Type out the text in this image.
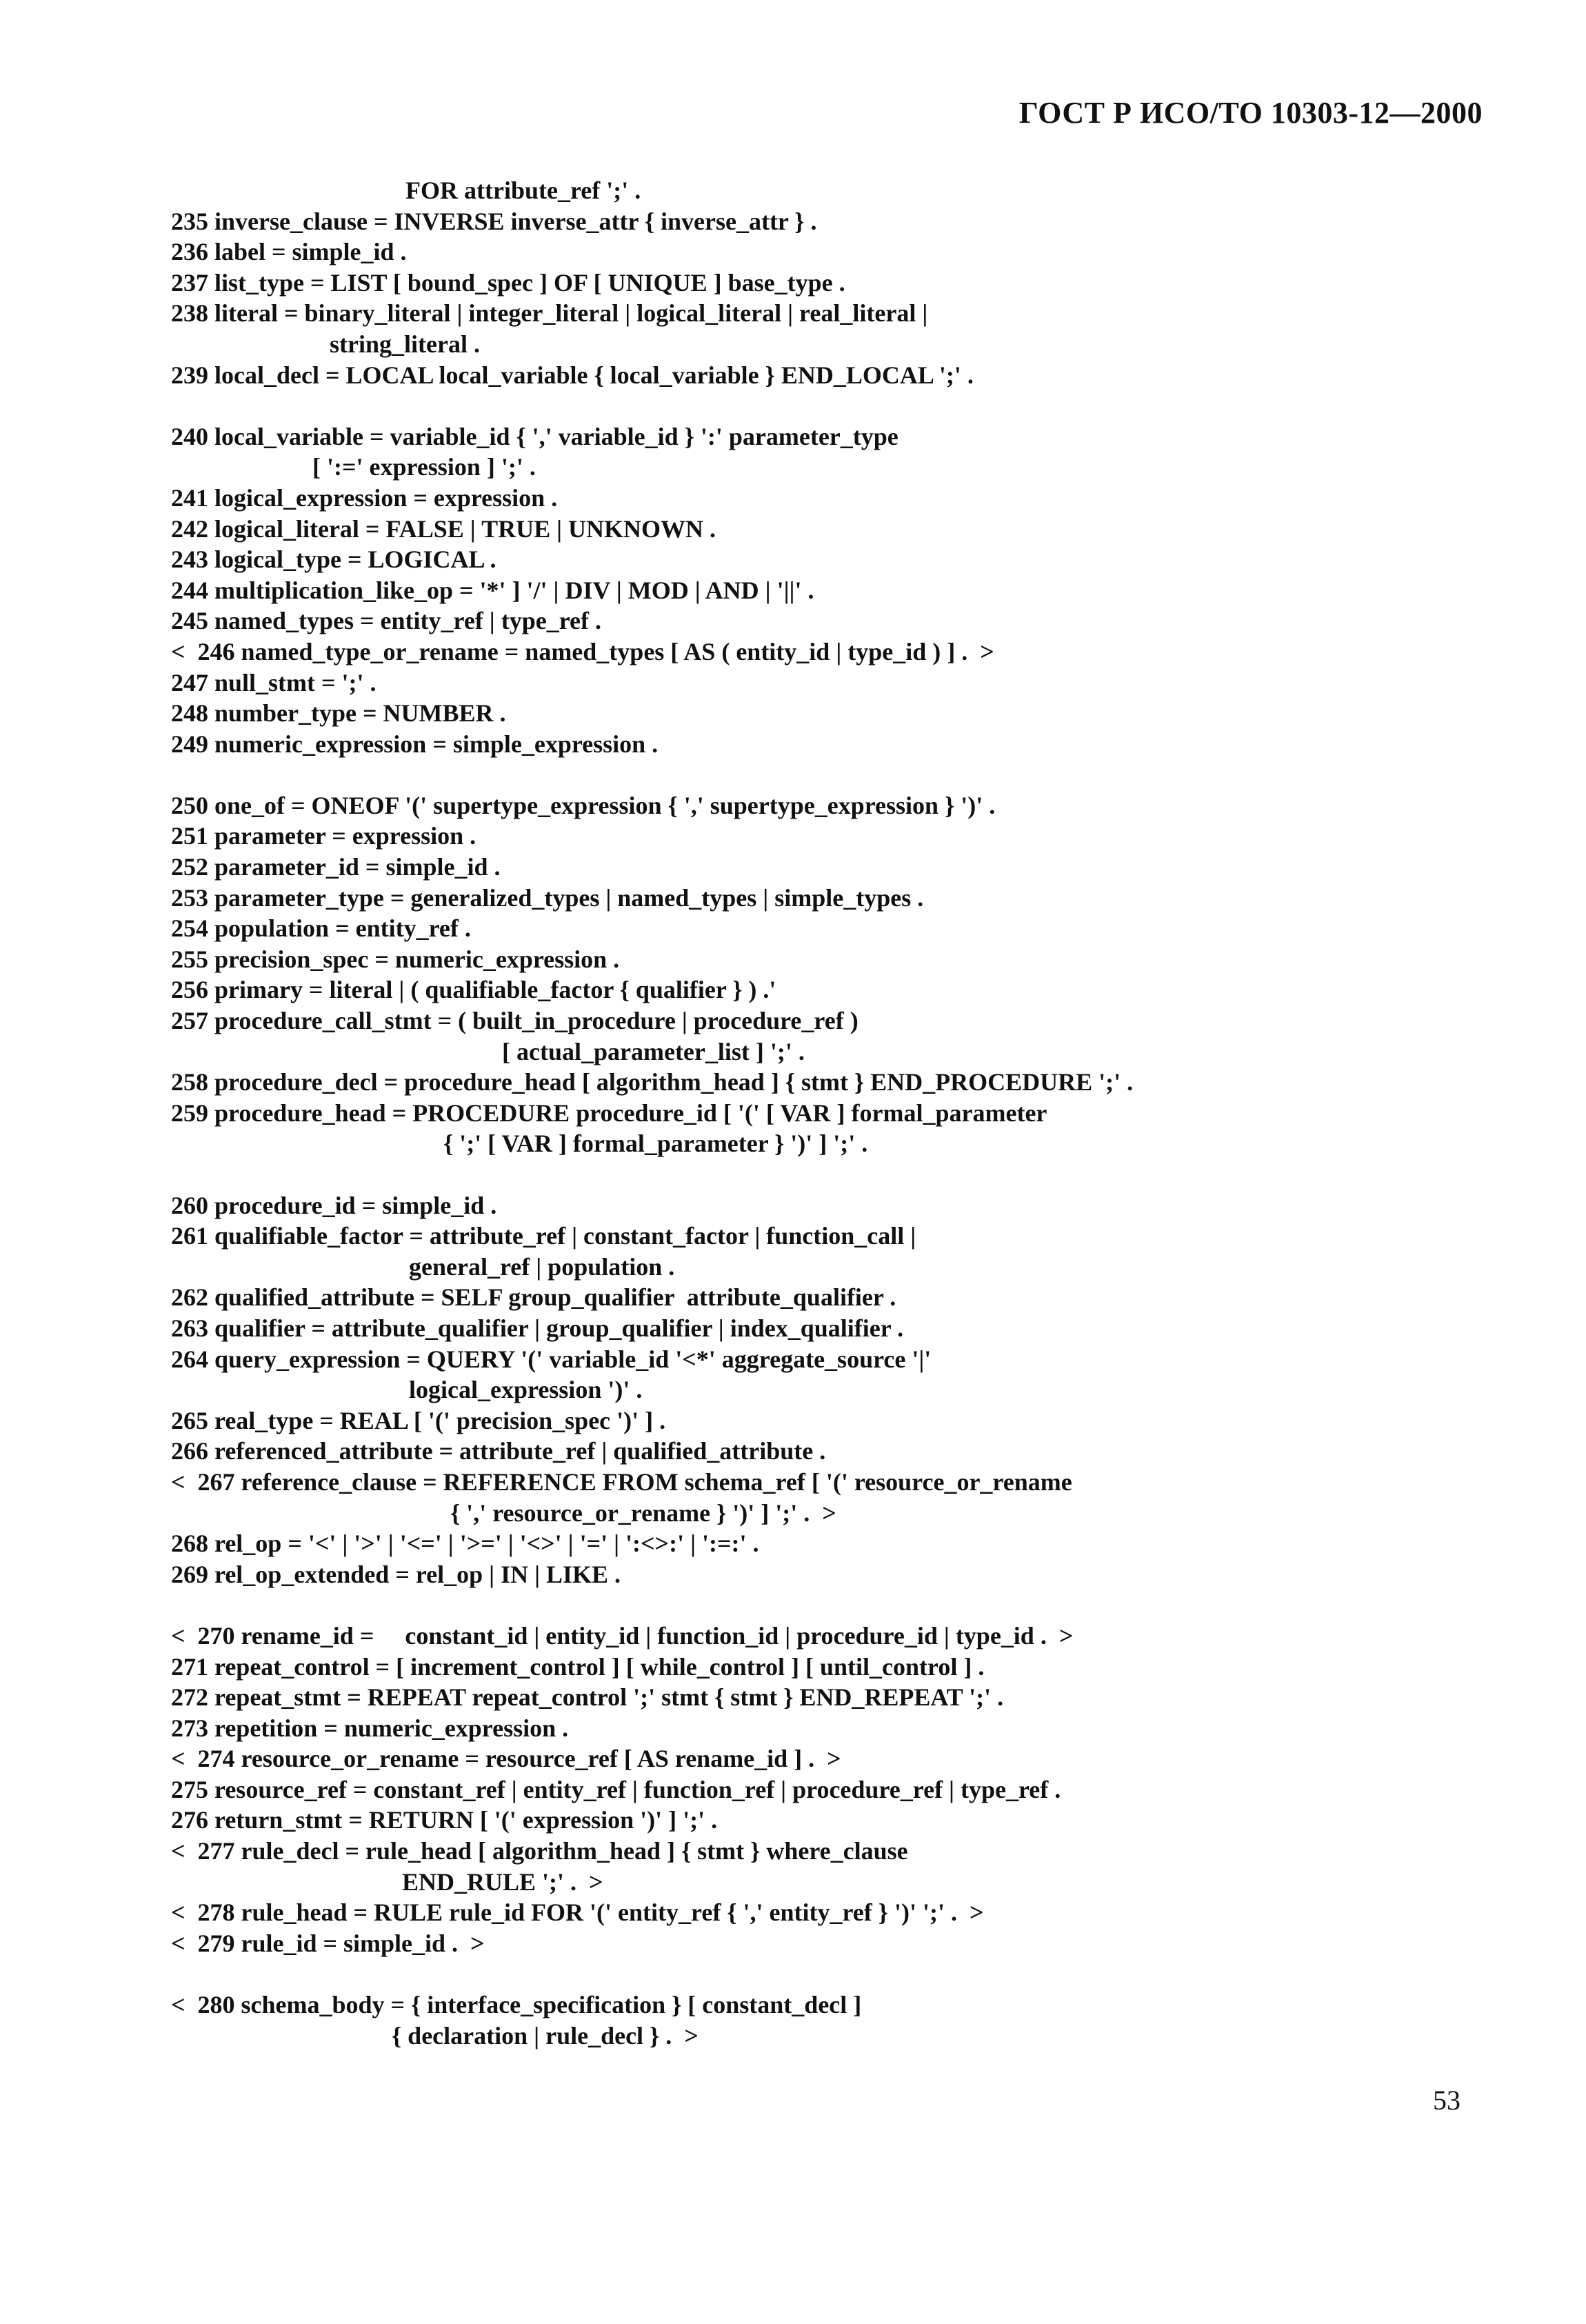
ГОСТ Р ИСО/ТО 10303-12—2000
FOR attribute_ref ';' .
235 inverse_clause = INVERSE inverse_attr { inverse_attr } .
236 label = simple_id .
237 list_type = LIST [ bound_spec ] OF [ UNIQUE ] base_type .
238 literal = binary_literal | integer_literal | logical_literal | real_literal |
string_literal .
239 local_decl = LOCAL local_variable { local_variable } END_LOCAL ';' .
240 local_variable = variable_id { ',' variable_id } ':' parameter_type
[ ':=' expression ] ';' .
241 logical_expression = expression .
242 logical_literal = FALSE | TRUE | UNKNOWN .
243 logical_type = LOGICAL .
244 multiplication_like_op = '*' ] '/' | DIV | MOD | AND | '||' .
245 named_types = entity_ref | type_ref .
<  246 named_type_or_rename = named_types [ AS ( entity_id | type_id ) ] .  >
247 null_stmt = ';' .
248 number_type = NUMBER .
249 numeric_expression = simple_expression .
250 one_of = ONEOF '(' supertype_expression { ',' supertype_expression } ')' .
251 parameter = expression .
252 parameter_id = simple_id .
253 parameter_type = generalized_types | named_types | simple_types .
254 population = entity_ref .
255 precision_spec = numeric_expression .
256 primary = literal | ( qualifiable_factor { qualifier } ) .'
257 procedure_call_stmt = ( built_in_procedure | procedure_ref )
[ actual_parameter_list ] ';' .
258 procedure_decl = procedure_head [ algorithm_head ] { stmt } END_PROCEDURE ';' .
259 procedure_head = PROCEDURE procedure_id [ '(' [ VAR ] formal_parameter
{ ';' [ VAR ] formal_parameter } ')' ] ';' .
260 procedure_id = simple_id .
261 qualifiable_factor = attribute_ref | constant_factor | function_call |
general_ref | population .
262 qualified_attribute = SELF group_qualifier  attribute_qualifier .
263 qualifier = attribute_qualifier | group_qualifier | index_qualifier .
264 query_expression = QUERY '(' variable_id '<*' aggregate_source '|'
logical_expression ')' .
265 real_type = REAL [ '(' precision_spec ')' ] .
266 referenced_attribute = attribute_ref | qualified_attribute .
<  267 reference_clause = REFERENCE FROM schema_ref [ '(' resource_or_rename
{ ',' resource_or_rename } ')' ] ';' .  >
268 rel_op = '<' | '>' | '<=' | '>=' | '<>' | '=' | ':<>:' | ':=:' .
269 rel_op_extended = rel_op | IN | LIKE .
<  270 rename_id =     constant_id | entity_id | function_id | procedure_id | type_id .  >
271 repeat_control = [ increment_control ] [ while_control ] [ until_control ] .
272 repeat_stmt = REPEAT repeat_control ';' stmt { stmt } END_REPEAT ';' .
273 repetition = numeric_expression .
<  274 resource_or_rename = resource_ref [ AS rename_id ] .  >
275 resource_ref = constant_ref | entity_ref | function_ref | procedure_ref | type_ref .
276 return_stmt = RETURN [ '(' expression ')' ] ';' .
<  277 rule_decl = rule_head [ algorithm_head ] { stmt } where_clause
END_RULE ';' .  >
<  278 rule_head = RULE rule_id FOR '(' entity_ref { ',' entity_ref } ')' ';' .  >
<  279 rule_id = simple_id .  >
<  280 schema_body = { interface_specification } [ constant_decl ]
{ declaration | rule_decl } .  >
53
